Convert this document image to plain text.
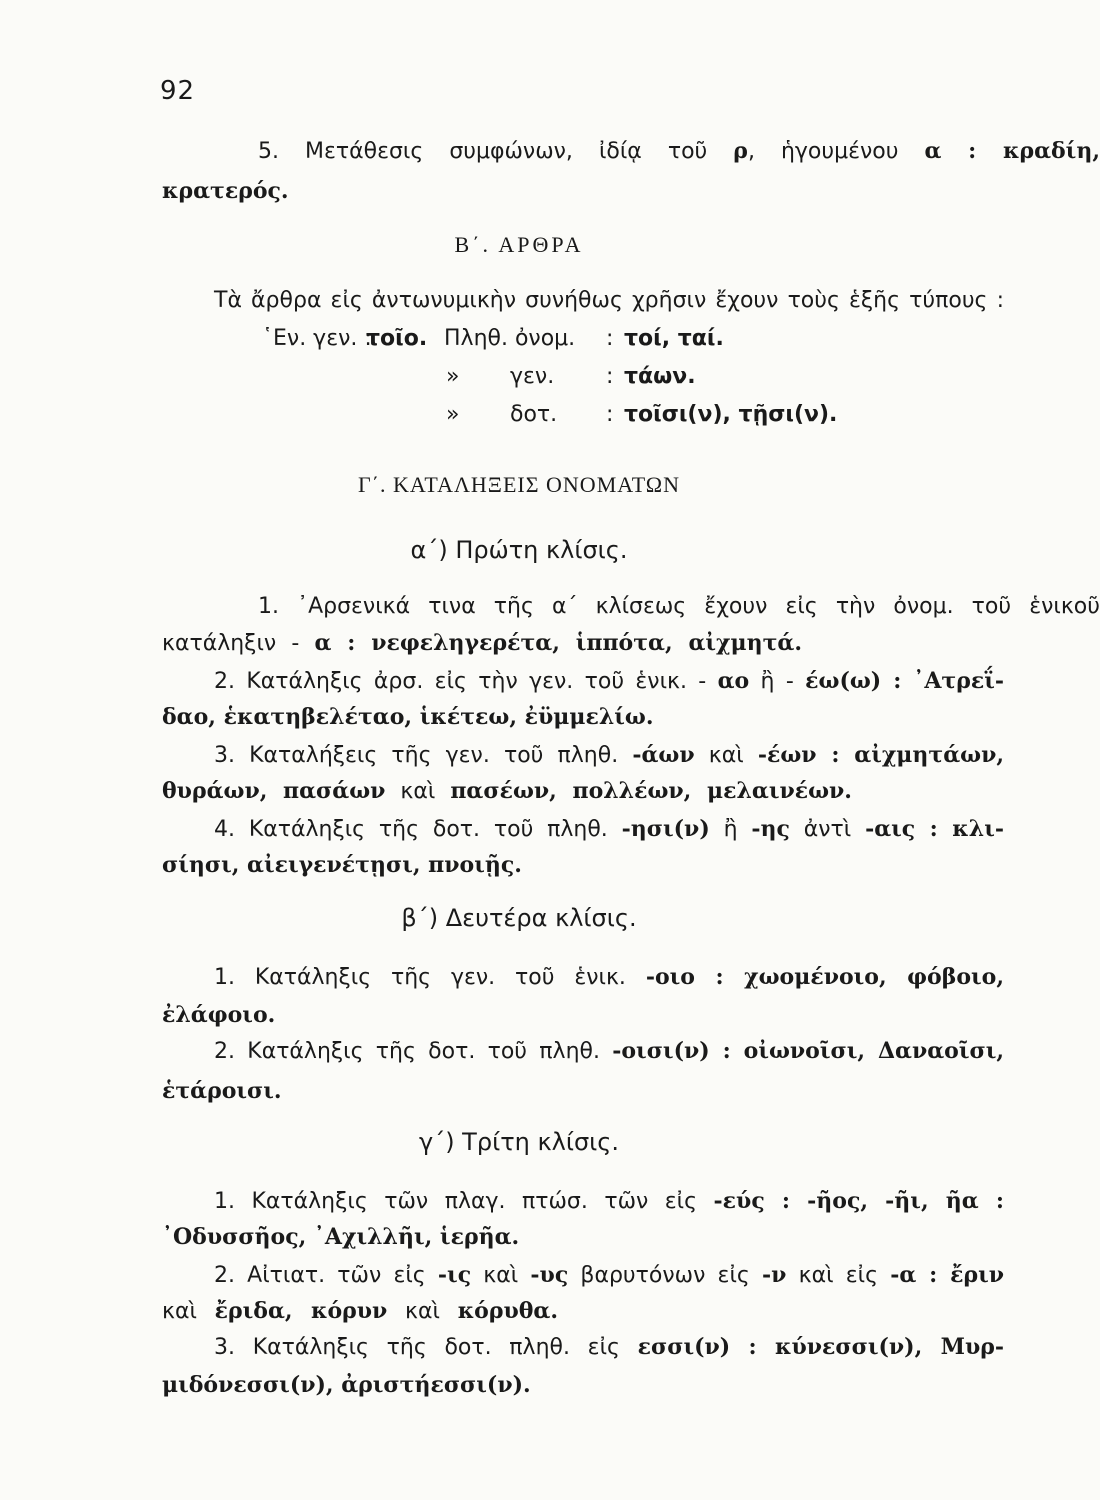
92
5. Μετάθεσις συμφώνων, ἰδίᾳ τοῦ ρ, ἡγουμένου α : κραδίη,
κρατερός.
Β΄. ΑΡΘΡΑ
Τὰ ἄρθρα εἰς ἀντωνυμικὴν συνήθως χρῆσιν ἔχουν τοὺς ἑξῆς τύπους :
῾Εν. γεν. :
τοῖο. Πληθ. ὀνομ. : τοί, ταί.
» γεν. : τάων.
» δοτ. : τοῖσι(ν), τῇσι(ν).
Γ΄. ΚΑΤΑΛΗΞΕΙΣ ΟΝΟΜΑΤΩΝ
α΄) Πρώτη κλίσις.
1. ᾿Αρσενικά τινα τῆς α΄ κλίσεως ἔχουν εἰς τὴν ὀνομ. τοῦ ἑνικοῦ
κατάληξιν - α : νεφεληγερέτα, ἱππότα, αἰχμητά.
2. Κατάληξις ἀρσ. εἰς τὴν γεν. τοῦ ἑνικ. - αο ἢ - έω(ω) : ᾿Ατρεΐ-
δαο, ἑκατηβελέταο, ἱκέτεω, ἐϋμμελίω.
3. Καταλήξεις τῆς γεν. τοῦ πληθ. -άων καὶ -έων : αἰχμητάων,
θυράων, πασάων καὶ πασέων, πολλέων, μελαινέων.
4. Κατάληξις τῆς δοτ. τοῦ πληθ. -ησι(ν) ἢ -ης ἀντὶ -αις : κλι-
σίησι, αἰειγενέτῃσι, πνοιῇς.
β΄) Δευτέρα κλίσις.
1. Κατάληξις τῆς γεν. τοῦ ἑνικ. -οιο : χωομένοιο, φόβοιο,
ἐλάφοιο.
2. Κατάληξις τῆς δοτ. τοῦ πληθ. -οισι(ν) : οἰωνοῖσι, Δαναοῖσι,
ἑτάροισι.
γ΄) Τρίτη κλίσις.
1. Κατάληξις τῶν πλαγ. πτώσ. τῶν εἰς -εύς : -ῆος, -ῆι, ῆα :
᾿Οδυσσῆος, ᾿Αχιλλῆι, ἱερῆα.
2. Αἰτιατ. τῶν εἰς -ις καὶ -υς βαρυτόνων εἰς -ν καὶ εἰς -α : ἔριν
καὶ ἔριδα, κόρυν καὶ κόρυθα.
3. Κατάληξις τῆς δοτ. πληθ. εἰς εσσι(ν) : κύνεσσι(ν), Μυρ-
μιδόνεσσι(ν), ἀριστήεσσι(ν).
